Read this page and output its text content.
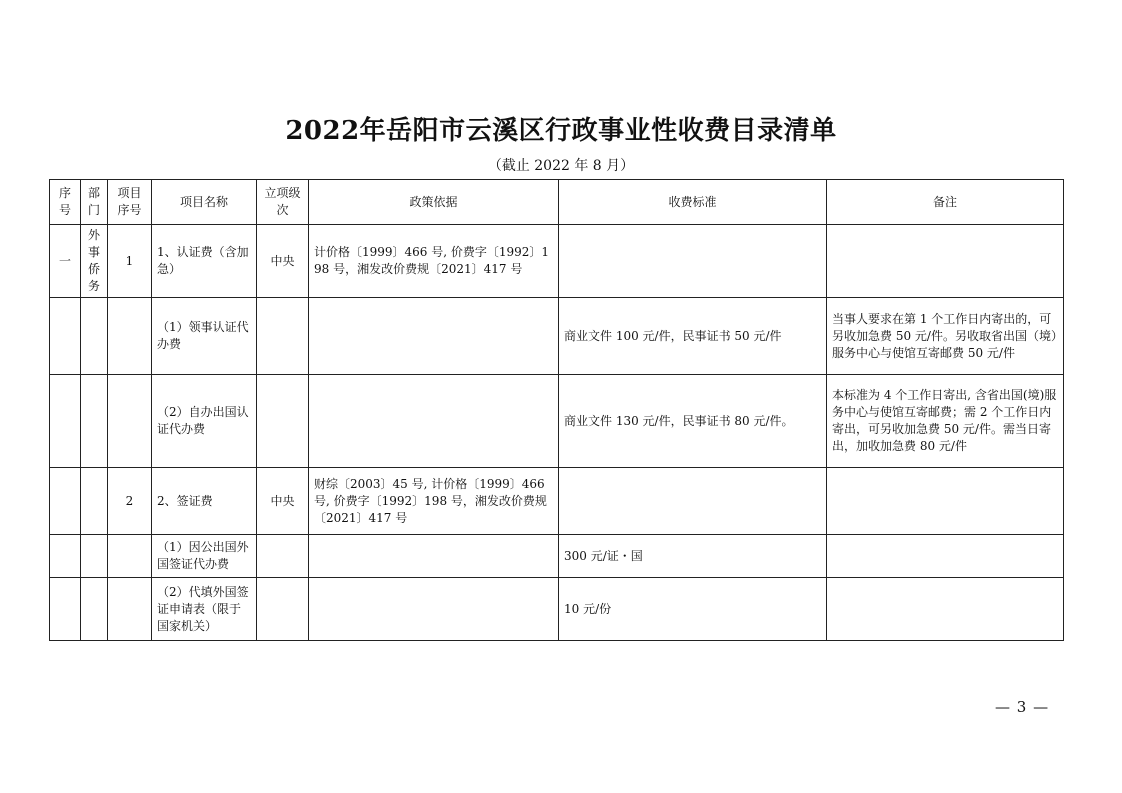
2022年岳阳市云溪区行政事业性收费目录清单
（截止 2022 年 8 月）
序号	部门	项目序号	项目名称	立项级次	政策依据	收费标准	备注
一	外事侨务	1	1、认证费（含加急）	中央	计价格〔1999〕466 号, 价费字〔1992〕198 号，湘发改价费规〔2021〕417 号		
			（1）领事认证代办费			商业文件 100 元/件，民事证书 50 元/件	当事人要求在第 1 个工作日内寄出的，可另收加急费 50 元/件。另收取省出国（境）服务中心与使馆互寄邮费 50 元/件
			（2）自办出国认证代办费			商业文件 130 元/件，民事证书 80 元/件。	本标准为 4 个工作日寄出, 含省出国(境)服务中心与使馆互寄邮费；需 2 个工作日内寄出，可另收加急费 50 元/件。需当日寄出，加收加急费 80 元/件
		2	2、签证费	中央	财综〔2003〕45 号, 计价格〔1999〕466 号, 价费字〔1992〕198 号，湘发改价费规〔2021〕417 号		
			（1）因公出国外国签证代办费			300 元/证・国	
			（2）代填外国签证申请表（限于国家机关）			10 元/份	
— 3 —
